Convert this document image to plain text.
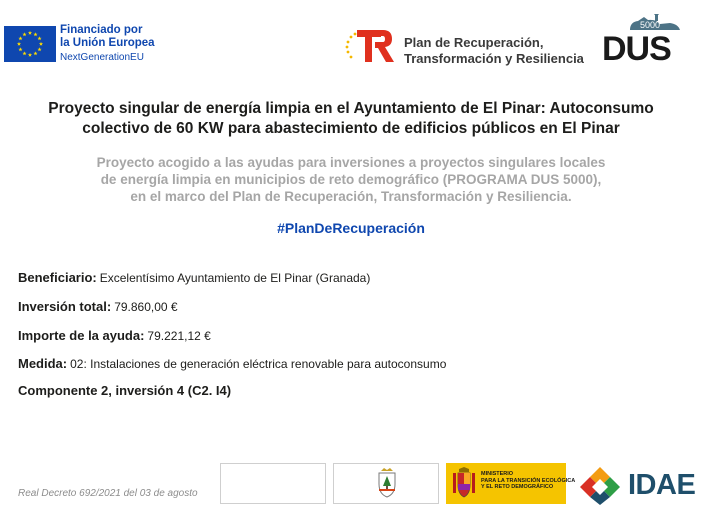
Financiado por
la Unión Europea
NextGenerationEU
Plan de Recuperación,
Transformación y Resiliencia
5000
DUS
Proyecto singular de energía limpia en el Ayuntamiento de El Pinar: Autoconsumo
colectivo de 60 KW para abastecimiento de edificios públicos en El Pinar
Proyecto acogido a las ayudas para inversiones a proyectos singulares locales
de energía limpia en municipios de reto demográfico (PROGRAMA DUS 5000),
en el marco del Plan de Recuperación, Transformación y Resiliencia.
#PlanDeRecuperación
Beneficiario: Excelentísimo Ayuntamiento de El Pinar (Granada)
Inversión total: 79.860,00 €
Importe de la ayuda: 79.221,12 €
Medida: 02: Instalaciones de generación eléctrica renovable para autoconsumo
Componente 2, inversión 4 (C2. I4)
Real Decreto 692/2021 del 03 de agosto
MINISTERIO
PARA LA TRANSICIÓN ECOLÓGICA
Y EL RETO DEMOGRÁFICO	IDAE
